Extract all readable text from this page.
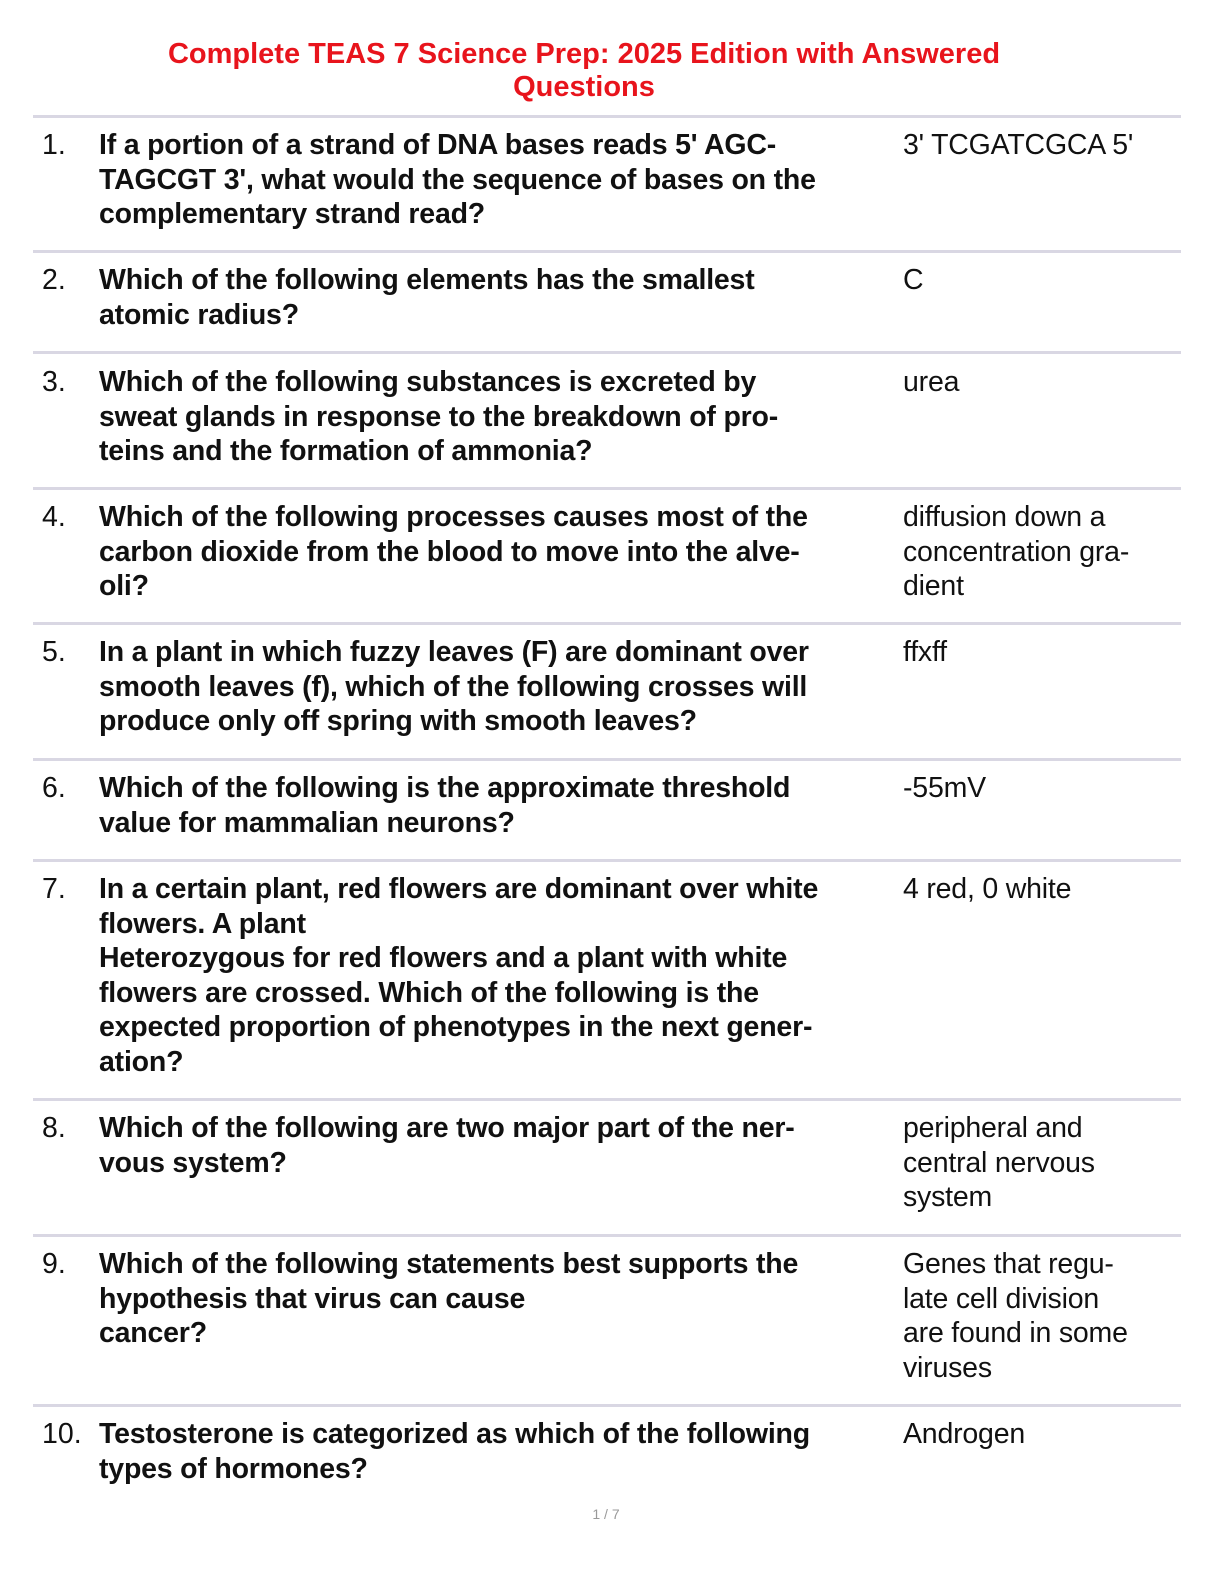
Complete TEAS 7 Science Prep: 2025 Edition with Answered
Questions
1. If a portion of a strand of DNA bases reads 5' AGC-
TAGCGT 3', what would the sequence of bases on the
complementary strand read?
3' TCGATCGCA 5'
2. Which of the following elements has the smallest
atomic radius?
C
3. Which of the following substances is excreted by
sweat glands in response to the breakdown of pro-
teins and the formation of ammonia?
urea
4. Which of the following processes causes most of the
carbon dioxide from the blood to move into the alve-
oli?
diffusion down a
concentration gra-
dient
5. In a plant in which fuzzy leaves (F) are dominant over
smooth leaves (f), which of the following crosses will
produce only off spring with smooth leaves?
ffxff
6. Which of the following is the approximate threshold
value for mammalian neurons?
-55mV
7. In a certain plant, red flowers are dominant over white
flowers. A plant
Heterozygous for red flowers and a plant with white
flowers are crossed. Which of the following is the
expected proportion of phenotypes in the next gener-
ation?
4 red, 0 white
8. Which of the following are two major part of the ner-
vous system?
peripheral and
central nervous
system
9. Which of the following statements best supports the
hypothesis that virus can cause
cancer?
Genes that regu-
late cell division
are found in some
viruses
10. Testosterone is categorized as which of the following
types of hormones?
Androgen
1 / 7
